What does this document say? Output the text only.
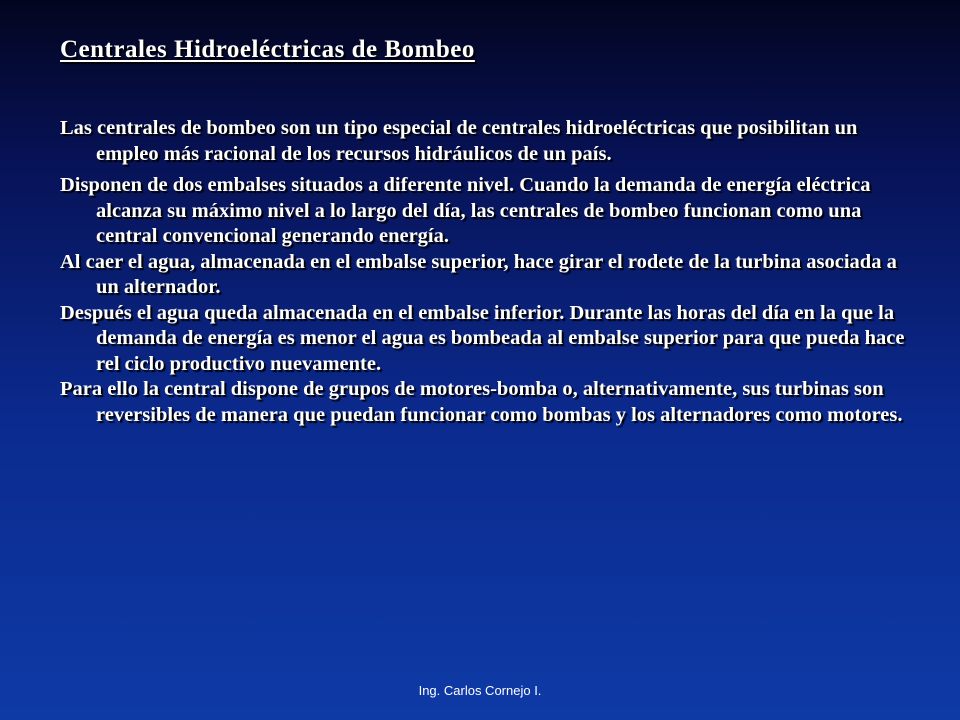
Centrales Hidroeléctricas de Bombeo

Las centrales de bombeo son un tipo especial de centrales hidroeléctricas que posibilitan un empleo más racional de los recursos hidráulicos de un país.

Disponen de dos embalses situados a diferente nivel. Cuando la demanda de energía eléctrica alcanza su máximo nivel a lo largo del día, las centrales de bombeo funcionan como una central convencional generando energía.
Al caer el agua, almacenada en el embalse superior, hace girar el rodete de la turbina asociada a un alternador.
Después el agua queda almacenada en el embalse inferior. Durante las horas del día en la que la demanda de energía es menor el agua es bombeada al embalse superior para que pueda hace rel ciclo productivo nuevamente.
Para ello la central dispone de grupos de motores-bomba o, alternativamente, sus turbinas son reversibles de manera que puedan funcionar como bombas y los alternadores como motores.

Ing. Carlos Cornejo I.
